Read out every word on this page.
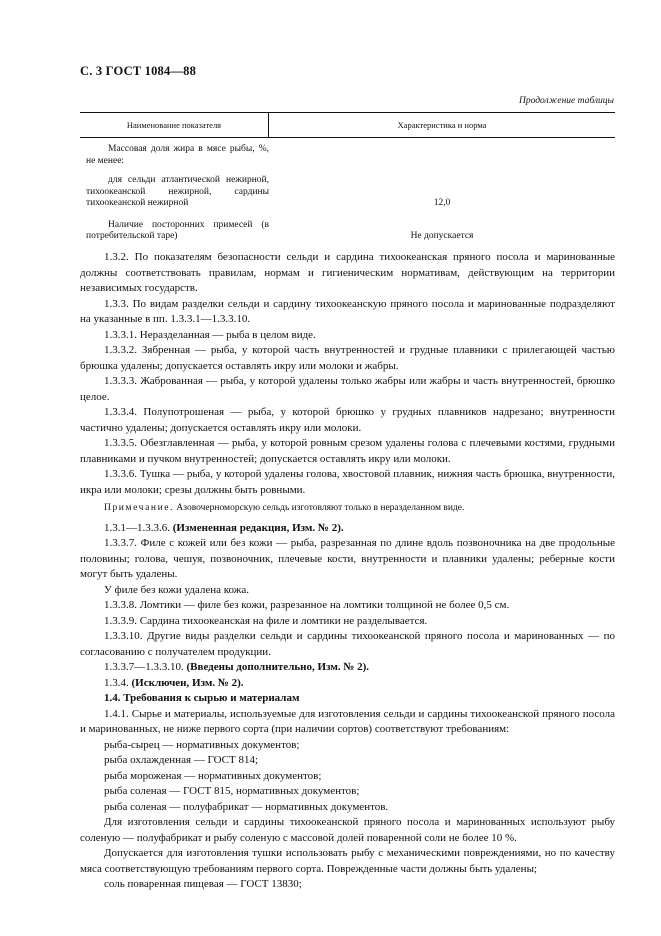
С. 3 ГОСТ 1084—88
Продолжение таблицы
Наименование показателя	Характеристика и норма
Массовая доля жира в мясе рыбы, %, не менее:
для сельди атлантической нежирной, тихоокеанской нежирной, сардины тихоокеанской нежирной	12,0
Наличие посторонних примесей (в потребительской таре)	Не допускается

1.3.2. По показателям безопасности сельди и сардина тихоокеанская пряного посола и маринованные должны соответствовать правилам, нормам и гигиеническим нормативам, действующим на территории независимых государств.

1.3.3. По видам разделки сельди и сардину тихоокеанскую пряного посола и маринованные подразделяют на указанные в пп. 1.3.3.1—1.3.3.10.

1.3.3.1. Неразделанная — рыба в целом виде.

1.3.3.2. Зябренная — рыба, у которой часть внутренностей и грудные плавники с прилегающей частью брюшка удалены; допускается оставлять икру или молоки и жабры.

1.3.3.3. Жаброванная — рыба, у которой удалены только жабры или жабры и часть внутренностей, брюшко целое.

1.3.3.4. Полупотрошеная — рыба, у которой брюшко у грудных плавников надрезано; внутренности частично удалены; допускается оставлять икру или молоки.

1.3.3.5. Обезглавленная — рыба, у которой ровным срезом удалены голова с плечевыми костями, грудными плавниками и пучком внутренностей; допускается оставлять икру или молоки.

1.3.3.6. Тушка — рыба, у которой удалены голова, хвостовой плавник, нижняя часть брюшка, внутренности, икра или молоки; срезы должны быть ровными.

Примечание. Азовочерноморскую сельдь изготовляют только в неразделанном виде.

1.3.1—1.3.3.6. (Измененная редакция, Изм. № 2).

1.3.3.7. Филе с кожей или без кожи — рыба, разрезанная по длине вдоль позвоночника на две продольные половины; голова, чешуя, позвоночник, плечевые кости, внутренности и плавники удалены; реберные кости могут быть удалены.

У филе без кожи удалена кожа.

1.3.3.8. Ломтики — филе без кожи, разрезанное на ломтики толщиной не более 0,5 см.

1.3.3.9. Сардина тихоокеанская на филе и ломтики не разделывается.

1.3.3.10. Другие виды разделки сельди и сардины тихоокеанской пряного посола и маринованных — по согласованию с получателем продукции.

1.3.3.7—1.3.3.10. (Введены дополнительно, Изм. № 2).

1.3.4. (Исключен, Изм. № 2).

1.4. Требования к сырью и материалам

1.4.1. Сырье и материалы, используемые для изготовления сельди и сардины тихоокеанской пряного посола и маринованных, не ниже первого сорта (при наличии сортов) соответствуют требованиям:

рыба-сырец — нормативных документов;

рыба охлажденная — ГОСТ 814;

рыба мороженая — нормативных документов;

рыба соленая — ГОСТ 815, нормативных документов;

рыба соленая — полуфабрикат — нормативных документов.

Для изготовления сельди и сардины тихоокеанской пряного посола и маринованных используют рыбу соленую — полуфабрикат и рыбу соленую с массовой долей поваренной соли не более 10 %.

Допускается для изготовления тушки использовать рыбу с механическими повреждениями, но по качеству мяса соответствующую требованиям первого сорта. Поврежденные части должны быть удалены;

соль поваренная пищевая — ГОСТ 13830;
